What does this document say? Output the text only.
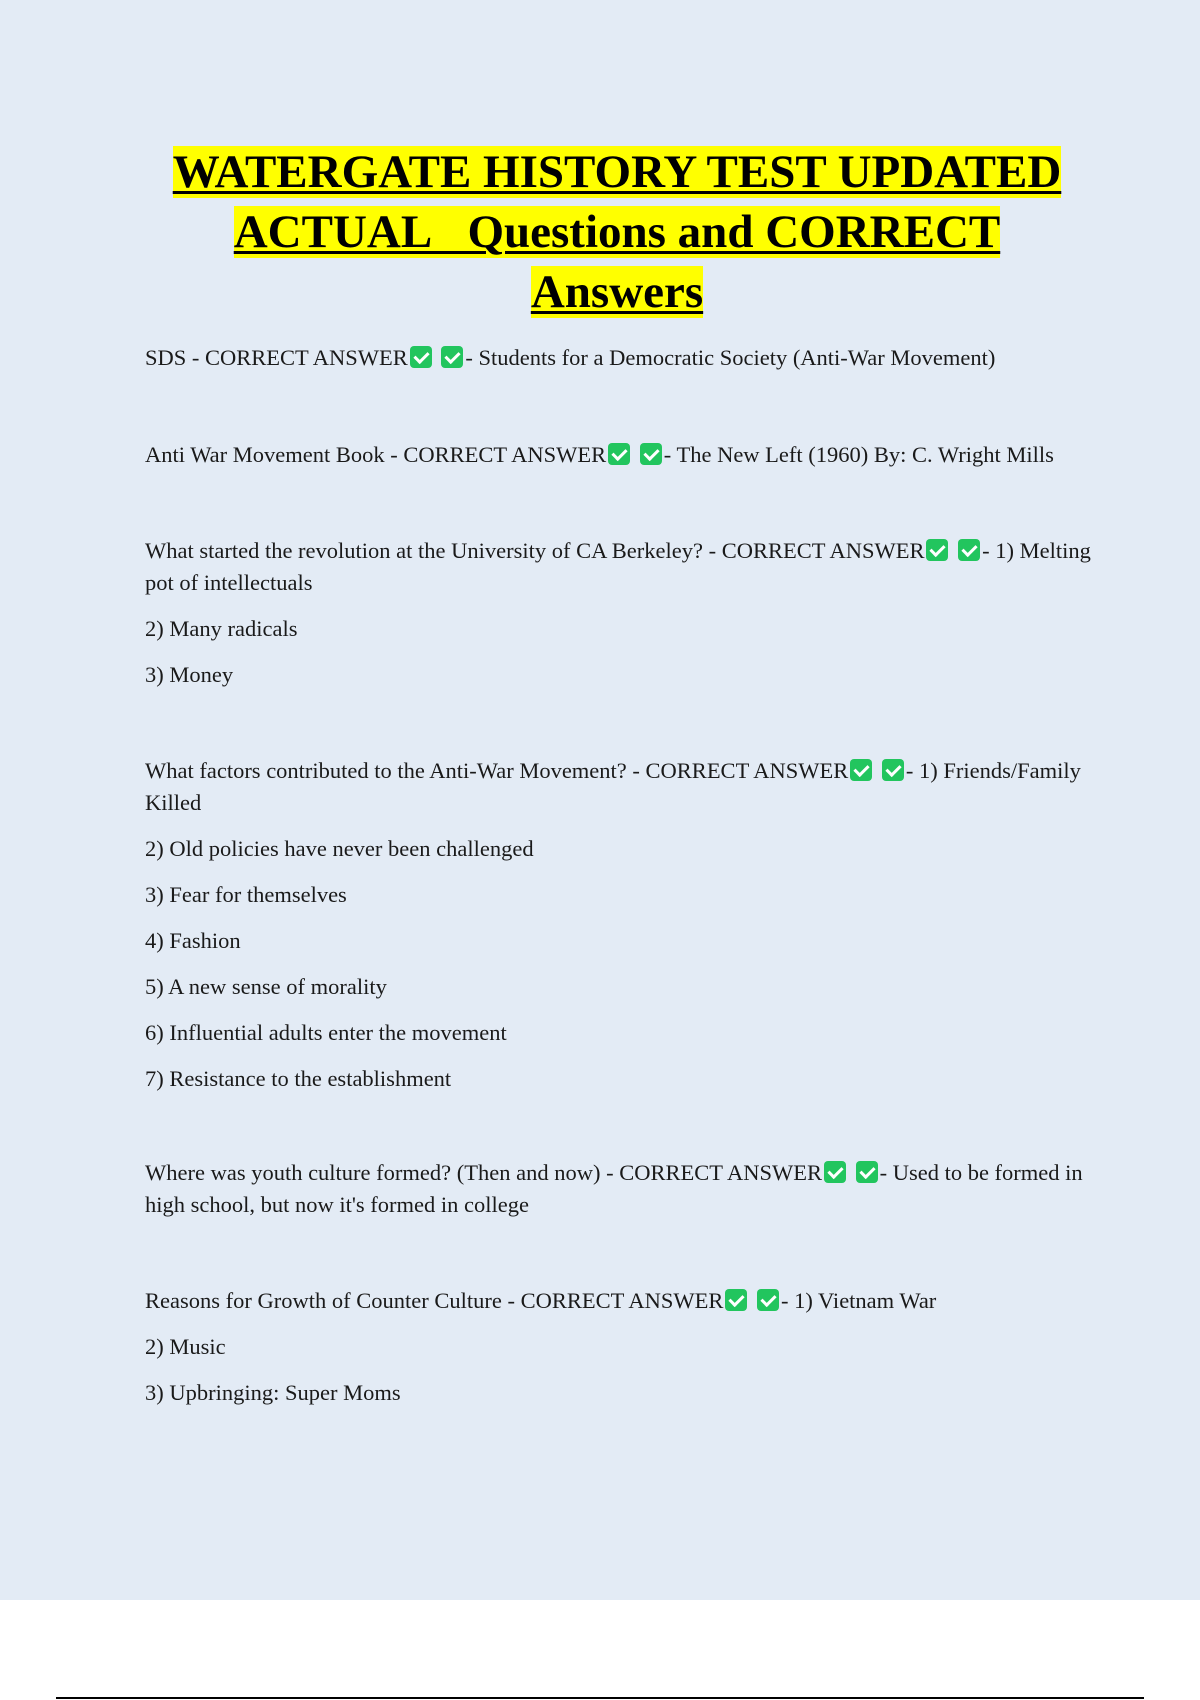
WATERGATE HISTORY TEST UPDATED
ACTUAL   Questions and CORRECT
Answers

SDS - CORRECT ANSWER	- Students for a Democratic Society (Anti-War Movement)

Anti War Movement Book - CORRECT ANSWER	- The New Left (1960) By: C. Wright Mills

What started the revolution at the University of CA Berkeley? - CORRECT ANSWER	- 1) Melting pot of intellectuals

2) Many radicals

3) Money

What factors contributed to the Anti-War Movement? - CORRECT ANSWER	- 1) Friends/Family Killed

2) Old policies have never been challenged

3) Fear for themselves

4) Fashion

5) A new sense of morality

6) Influential adults enter the movement

7) Resistance to the establishment

Where was youth culture formed? (Then and now) - CORRECT ANSWER	- Used to be formed in high school, but now it's formed in college

Reasons for Growth of Counter Culture - CORRECT ANSWER	- 1) Vietnam War

2) Music

3) Upbringing: Super Moms
